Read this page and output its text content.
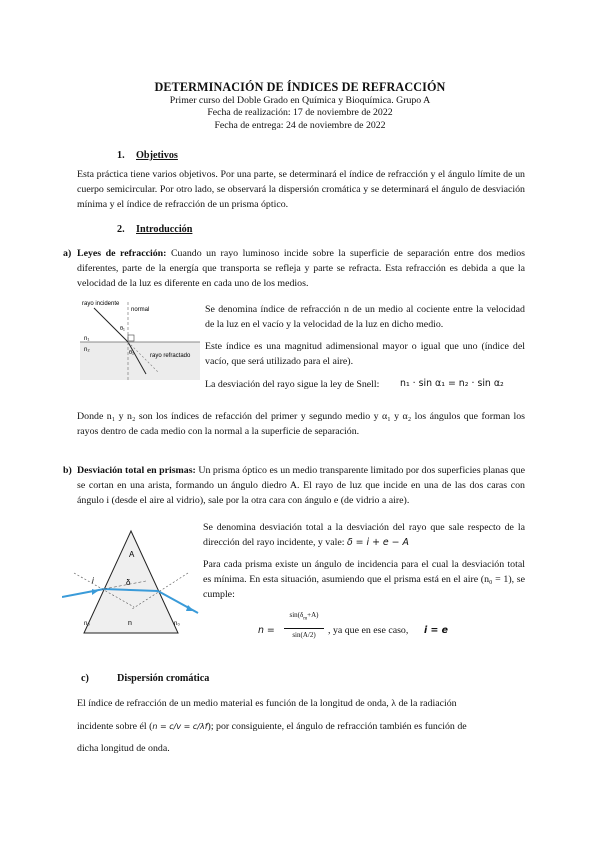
DETERMINACIÓN DE ÍNDICES DE REFRACCIÓN
Primer curso del Doble Grado en Química y Bioquímica. Grupo A
Fecha de realización: 17 de noviembre de 2022
Fecha de entrega: 24 de noviembre de 2022
1. Objetivos
Esta práctica tiene varios objetivos. Por una parte, se determinará el índice de refracción y el ángulo límite de un cuerpo semicircular. Por otro lado, se observará la dispersión cromática y se determinará el ángulo de desviación mínima y el índice de refracción de un prisma óptico.
2. Introducción
a) Leyes de refracción: Cuando un rayo luminoso incide sobre la superficie de separación entre dos medios diferentes, parte de la energía que transporta se refleja y parte se refracta. Esta refracción es debida a que la velocidad de la luz es diferente en cada uno de los medios.
rayo incidente
normal
rayo refractado
n₁
n₂
θ₁
θ₂
Se denomina índice de refracción n de un medio al cociente entre la velocidad de la luz en el vacío y la velocidad de la luz en dicho medio.
Este índice es una magnitud adimensional mayor o igual que uno (índice del vacío, que será utilizado para el aire).
La desviación del rayo sigue la ley de Snell: n₁ · sin α₁ = n₂ · sin α₂
Donde n₁ y n₂ son los índices de refacción del primer y segundo medio y α₁ y α₂ los ángulos que forman los rayos dentro de cada medio con la normal a la superficie de separación.
b) Desviación total en prismas: Un prisma óptico es un medio transparente limitado por dos superficies planas que se cortan en una arista, formando un ángulo diedro A. El rayo de luz que incide en una de las dos caras con ángulo i (desde el aire al vidrio), sale por la otra cara con ángulo e (de vidrio a aire).
A
i	δ
n
n₀	n₀
Se denomina desviación total a la desviación del rayo que sale respecto de la dirección del rayo incidente, y vale: δ = i + e − A
Para cada prisma existe un ángulo de incidencia para el cual la desviación total es mínima. En esta situación, asumiendo que el prisma está en el aire (n₀ = 1), se cumple:
n =
$\sin(\delta_m+A)$
sin(A/2)	, ya que en ese caso, i = e
c)	Dispersión cromática
El índice de refracción de un medio material es función de la longitud de onda, λ de la radiación
incidente sobre él (n = c/v = c/λf); por consiguiente, el ángulo de refracción también es función de
dicha longitud de onda.
